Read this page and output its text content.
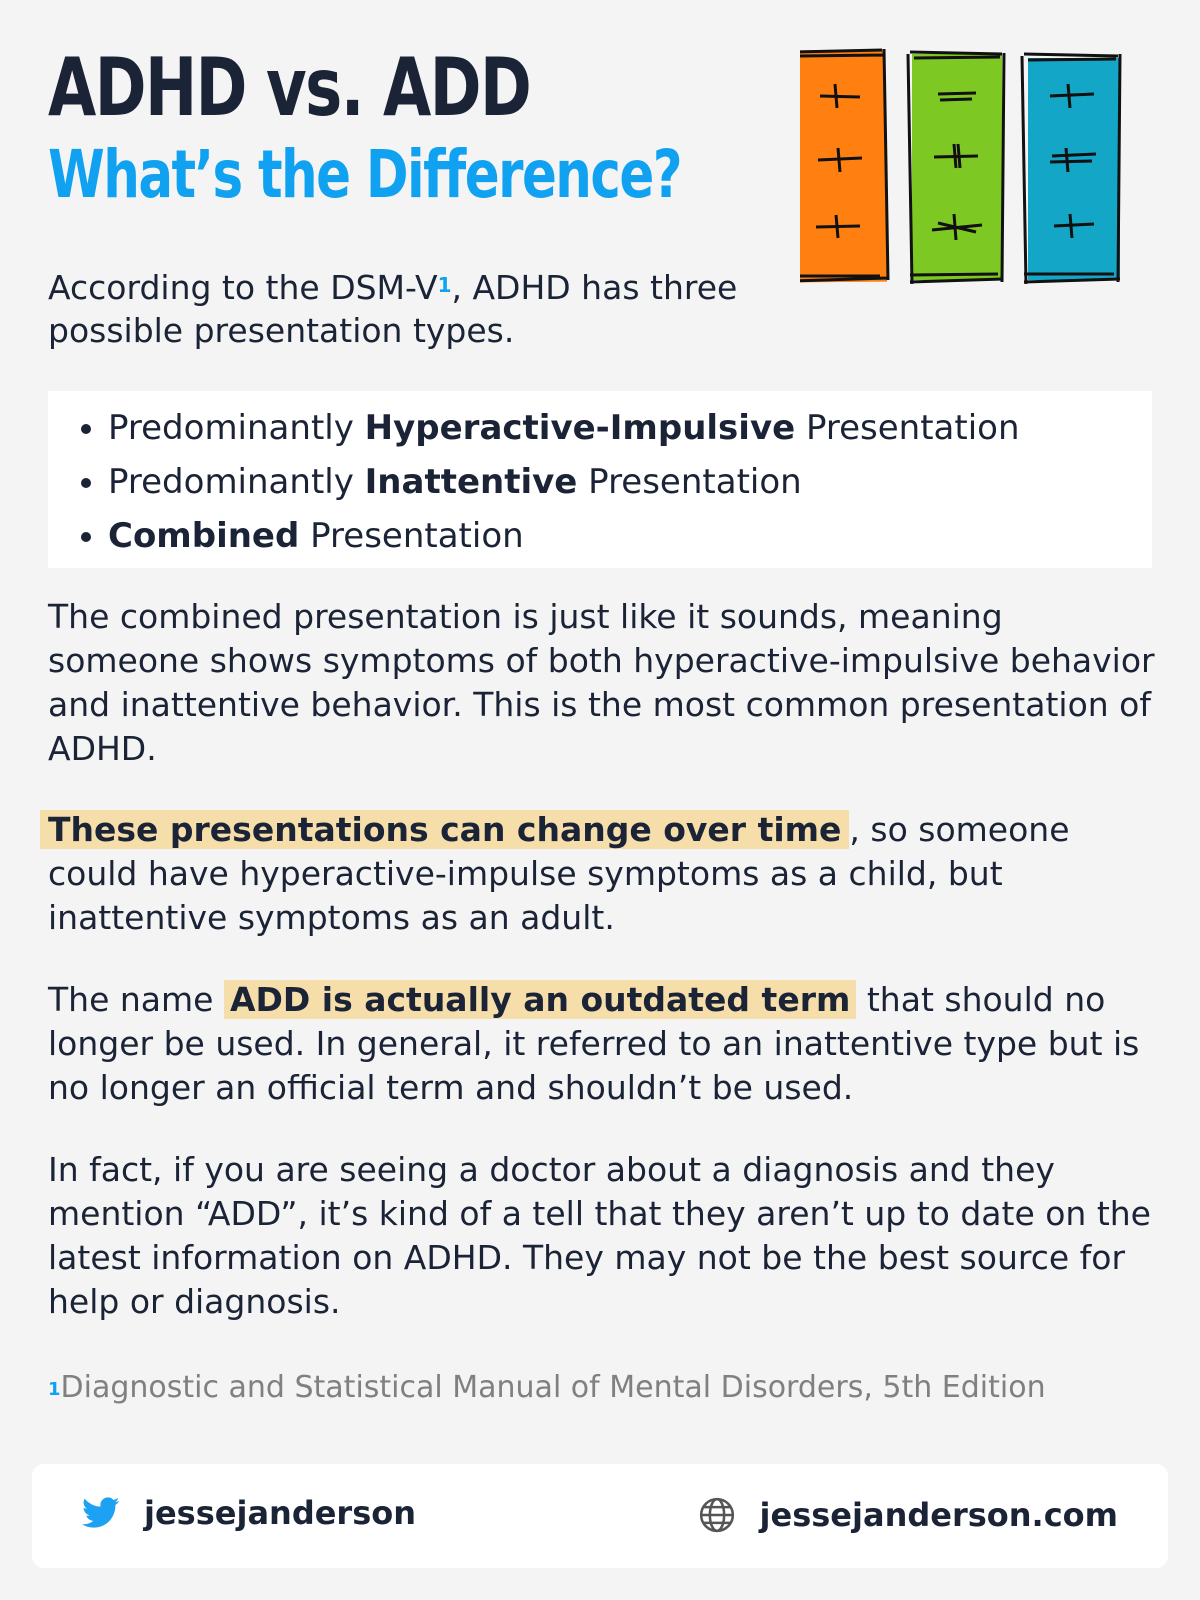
ADHD vs. ADD
What’s the Difference?

According to the DSM-$V^1$, ADHD has three possible presentation types.

• Predominantly Hyperactive-Impulsive Presentation
• Predominantly Inattentive Presentation
• Combined Presentation

The combined presentation is just like it sounds, meaning someone shows symptoms of both hyperactive-impulsive behavior and inattentive behavior. This is the most common presentation of ADHD.

These presentations can change over time , so someone could have hyperactive-impulse symptoms as a child, but inattentive symptoms as an adult.

The name ADD is actually an outdated term that should no longer be used. In general, it referred to an inattentive type but is no longer an official term and shouldn’t be used.

In fact, if you are seeing a doctor about a diagnosis and they mention “ADD”, it’s kind of a tell that they aren’t up to date on the latest information on ADHD. They may not be the best source for help or diagnosis.

$^1$Diagnostic and Statistical Manual of Mental Disorders, 5th Edition

jessejanderson	jessejanderson.com
